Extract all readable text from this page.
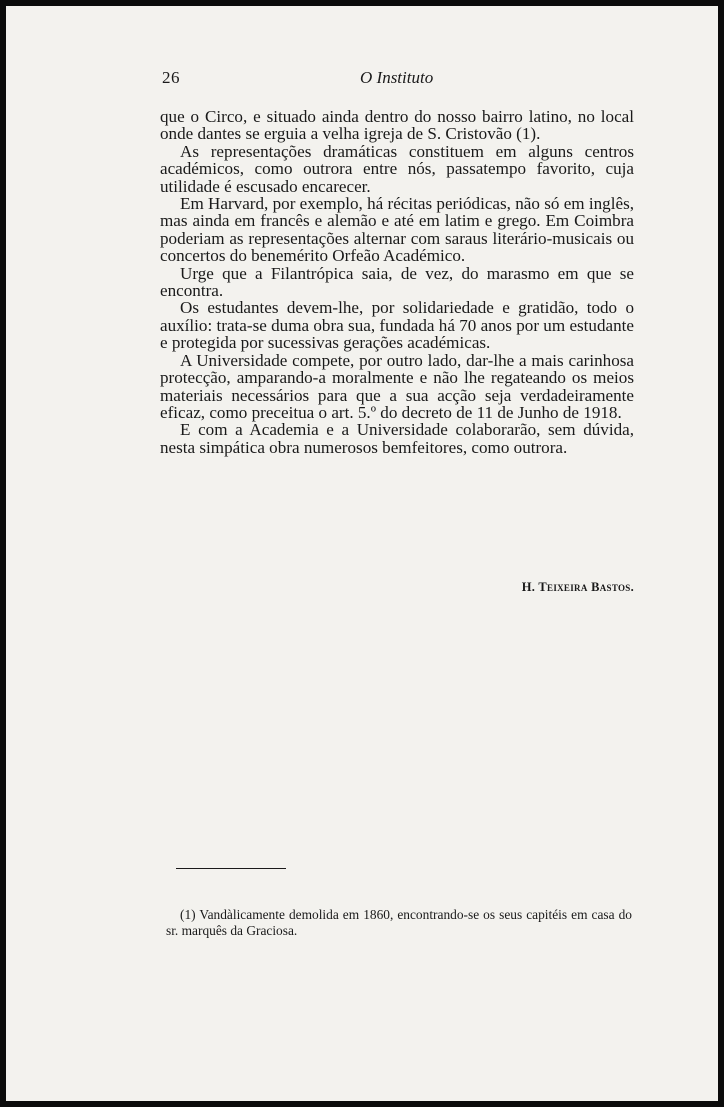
26	O Instituto

que o Circo, e situado ainda dentro do nosso bairro latino, no local onde dantes se erguia a velha igreja de S. Cristovão (1).

As representações dramáticas constituem em alguns centros académicos, como outrora entre nós, passatempo favorito, cuja utilidade é escusado encarecer.

Em Harvard, por exemplo, há récitas periódicas, não só em inglês, mas ainda em francês e alemão e até em latim e grego. Em Coimbra poderiam as representações alternar com saraus literário-musicais ou concertos do benemérito Orfeão Académico.

Urge que a Filantrópica saia, de vez, do marasmo em que se encontra.

Os estudantes devem-lhe, por solidariedade e gratidão, todo o auxílio: trata-se duma obra sua, fundada há 70 anos por um estudante e protegida por sucessivas gerações académicas.

A Universidade compete, por outro lado, dar-lhe a mais carinhosa protecção, amparando-a moralmente e não lhe regateando os meios materiais necessários para que a sua acção seja verdadeiramente eficaz, como preceitua o art. 5.º do decreto de 11 de Junho de 1918.

E com a Academia e a Universidade colaborarão, sem dúvida, nesta simpática obra numerosos bemfeitores, como outrora.

H. Teixeira Bastos.

(1) Vandàlicamente demolida em 1860, encontrando-se os seus capitéis em casa do sr. marquês da Graciosa.
